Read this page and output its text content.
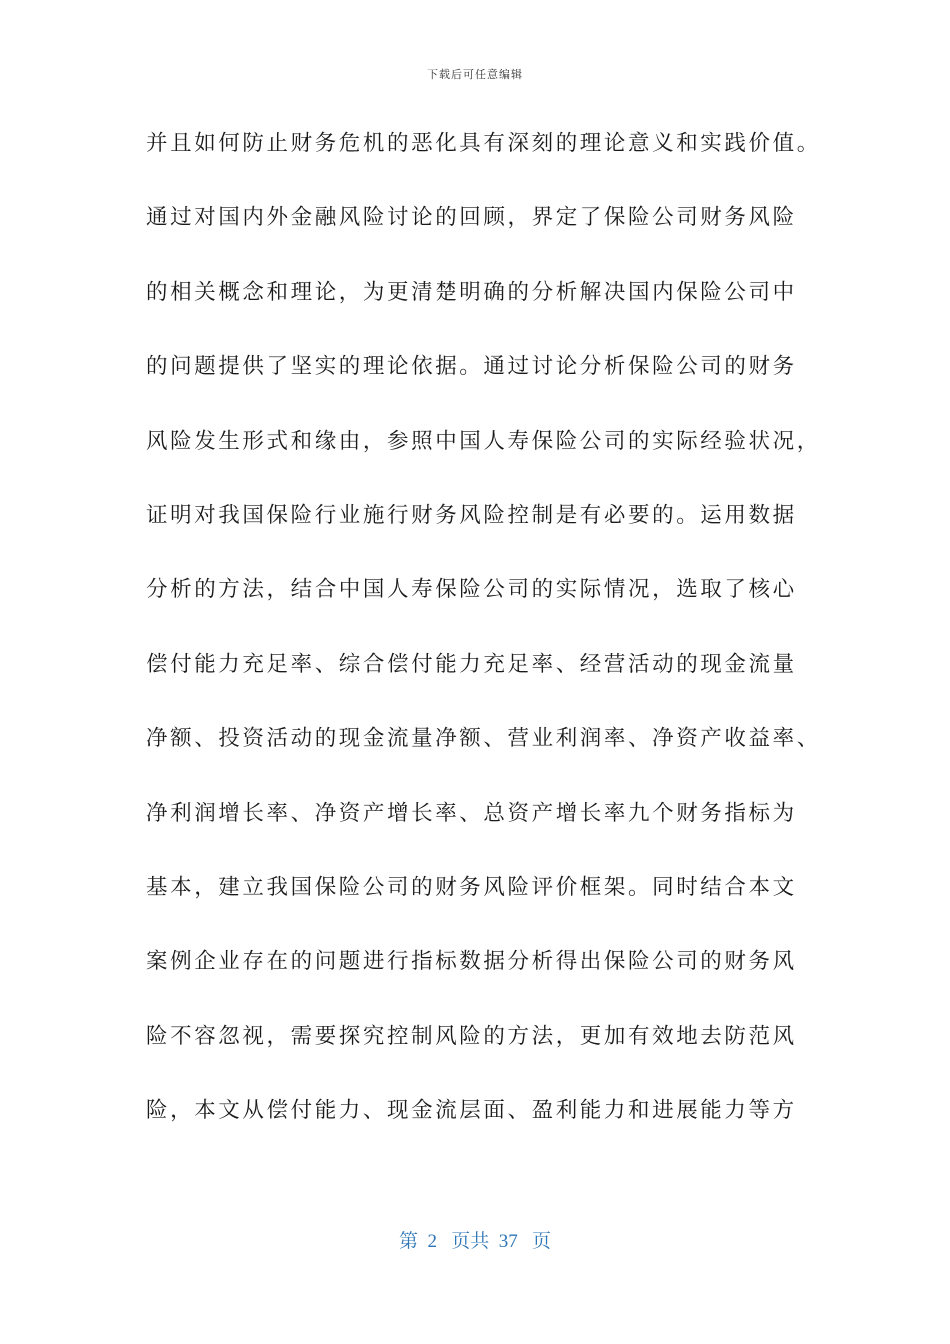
下载后可任意编辑
并且如何防止财务危机的恶化具有深刻的理论意义和实践价值。
通过对国内外金融风险讨论的回顾，界定了保险公司财务风险
的相关概念和理论，为更清楚明确的分析解决国内保险公司中
的问题提供了坚实的理论依据。通过讨论分析保险公司的财务
风险发生形式和缘由，参照中国人寿保险公司的实际经验状况，
证明对我国保险行业施行财务风险控制是有必要的。运用数据
分析的方法，结合中国人寿保险公司的实际情况，选取了核心
偿付能力充足率、综合偿付能力充足率、经营活动的现金流量
净额、投资活动的现金流量净额、营业利润率、净资产收益率、
净利润增长率、净资产增长率、总资产增长率九个财务指标为
基本，建立我国保险公司的财务风险评价框架。同时结合本文
案例企业存在的问题进行指标数据分析得出保险公司的财务风
险不容忽视，需要探究控制风险的方法，更加有效地去防范风
险，本文从偿付能力、现金流层面、盈利能力和进展能力等方
第  2   页共  37   页
